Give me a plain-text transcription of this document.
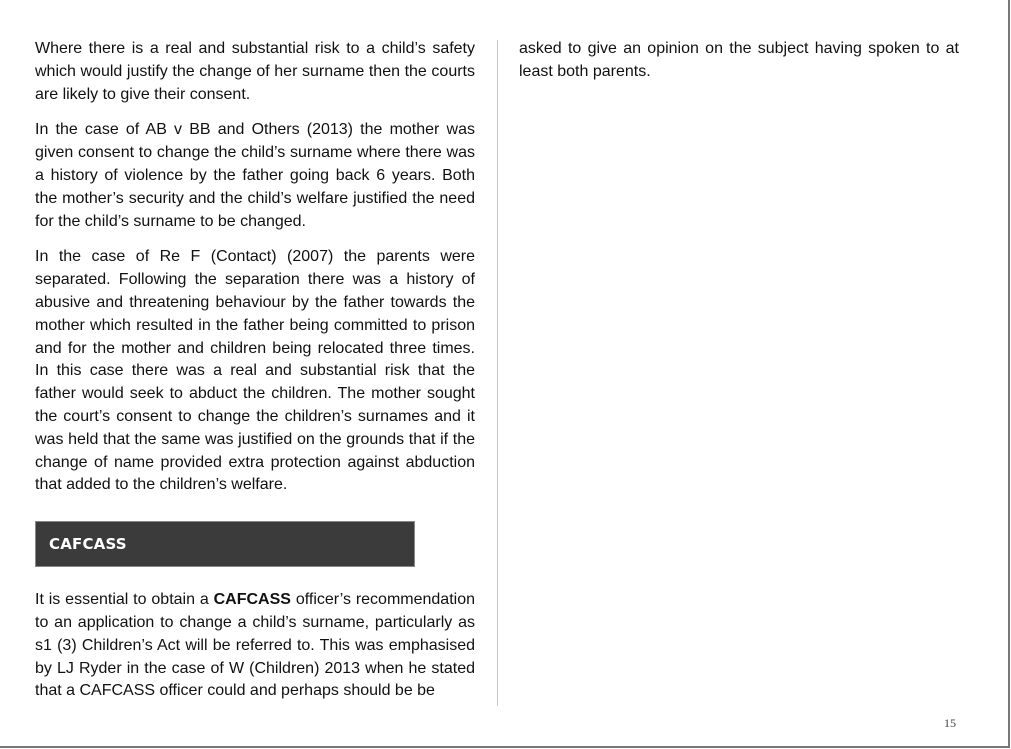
Where there is a real and substantial risk to a child’s safety which would justify the change of her surname then the courts are likely to give their consent.

In the case of AB v BB and Others (2013) the mother was given consent to change the child’s surname where there was a history of violence by the father going back 6 years. Both the mother’s security and the child’s welfare justified the need for the child’s surname to be changed.

In the case of Re F (Contact) (2007) the parents were separated. Following the separation there was a history of abusive and threatening behaviour by the father towards the mother which resulted in the father being committed to prison and for the mother and children being relocated three times. In this case there was a real and substantial risk that the father would seek to abduct the children. The mother sought the court’s consent to change the children’s surnames and it was held that the same was justified on the grounds that if the change of name provided extra protection against abduction that added to the children’s welfare.

CAFCASS

It is essential to obtain a CAFCASS officer’s recommendation to an application to change a child’s surname, particularly as s1 (3) Children’s Act will be referred to. This was emphasised by LJ Ryder in the case of W (Children) 2013 when he stated that a CAFCASS officer could and perhaps should be be

asked to give an opinion on the subject having spoken to at least both parents.

15
